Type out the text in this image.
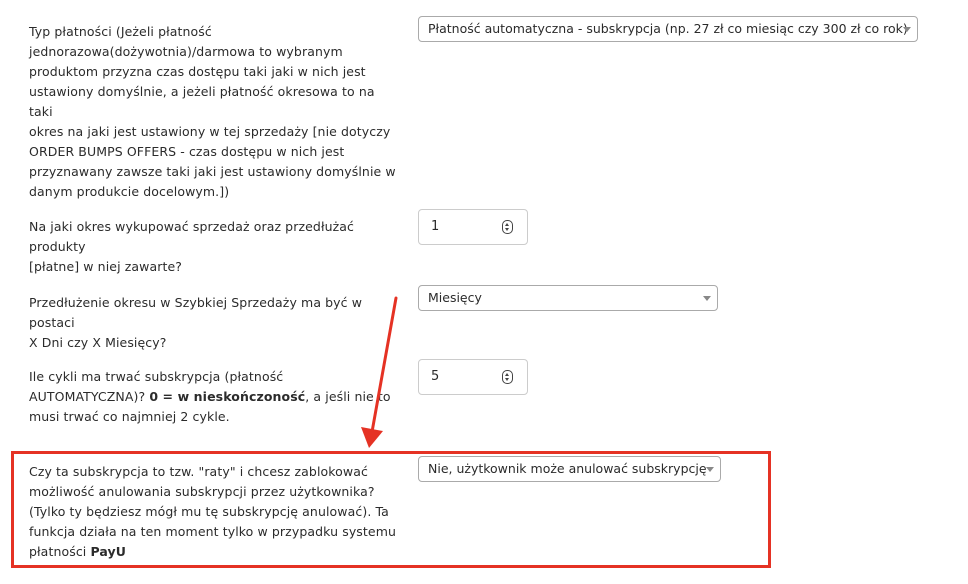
Typ płatności (Jeżeli płatność
jednorazowa(dożywotnia)/darmowa to wybranym
produktom przyzna czas dostępu taki jaki w nich jest
ustawiony domyślnie, a jeżeli płatność okresowa to na taki
okres na jaki jest ustawiony w tej sprzedaży [nie dotyczy
ORDER BUMPS OFFERS - czas dostępu w nich jest
przyznawany zawsze taki jaki jest ustawiony domyślnie w
danym produkcie docelowym.])
Płatność automatyczna - subskrypcja (np. 27 zł co miesiąc czy 300 zł co rok)
Na jaki okres wykupować sprzedaż oraz przedłużać produkty
[płatne] w niej zawarte?
1
Przedłużenie okresu w Szybkiej Sprzedaży ma być w postaci
X Dni czy X Miesięcy?
Miesięcy
Ile cykli ma trwać subskrypcja (płatność
AUTOMATYCZNA)? 0 = w nieskończoność, a jeśli nie to
musi trwać co najmniej 2 cykle.
5
Czy ta subskrypcja to tzw. "raty" i chcesz zablokować
możliwość anulowania subskrypcji przez użytkownika?
(Tylko ty będziesz mógł mu tę subskrypcję anulować). Ta
funkcja działa na ten moment tylko w przypadku systemu
płatności PayU
Nie, użytkownik może anulować subskrypcję
